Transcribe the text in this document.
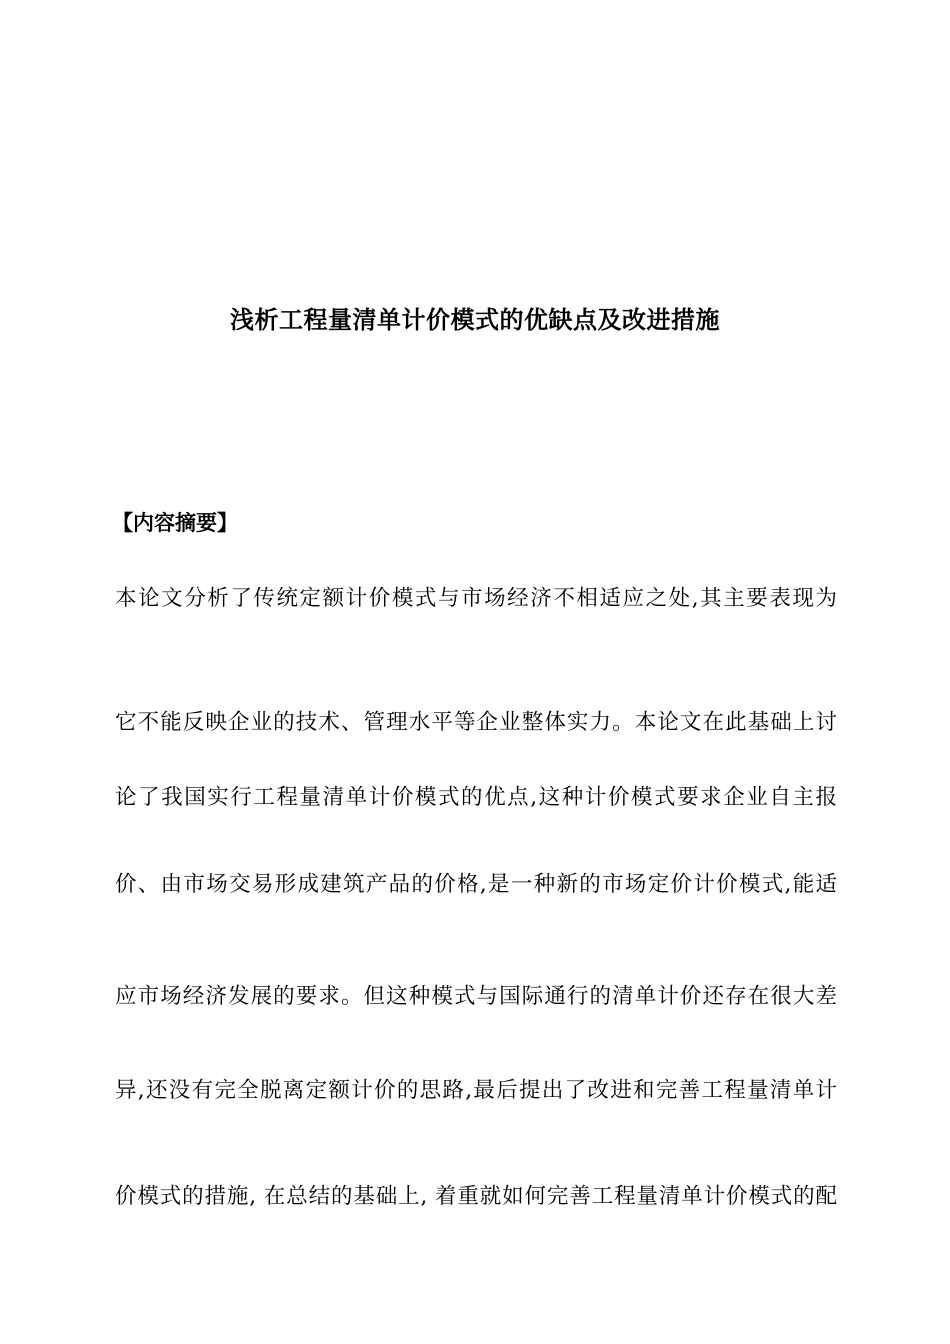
浅析工程量清单计价模式的优缺点及改进措施
【内容摘要】
本论文分析了传统定额计价模式与市场经济不相适应之处,其主要表现为
它不能反映企业的技术、管理水平等企业整体实力。本论文在此基础上讨
论了我国实行工程量清单计价模式的优点,这种计价模式要求企业自主报
价、由市场交易形成建筑产品的价格,是一种新的市场定价计价模式,能适
应市场经济发展的要求。但这种模式与国际通行的清单计价还存在很大差
异,还没有完全脱离定额计价的思路,最后提出了改进和完善工程量清单计
价模式的措施, 在总结的基础上, 着重就如何完善工程量清单计价模式的配
